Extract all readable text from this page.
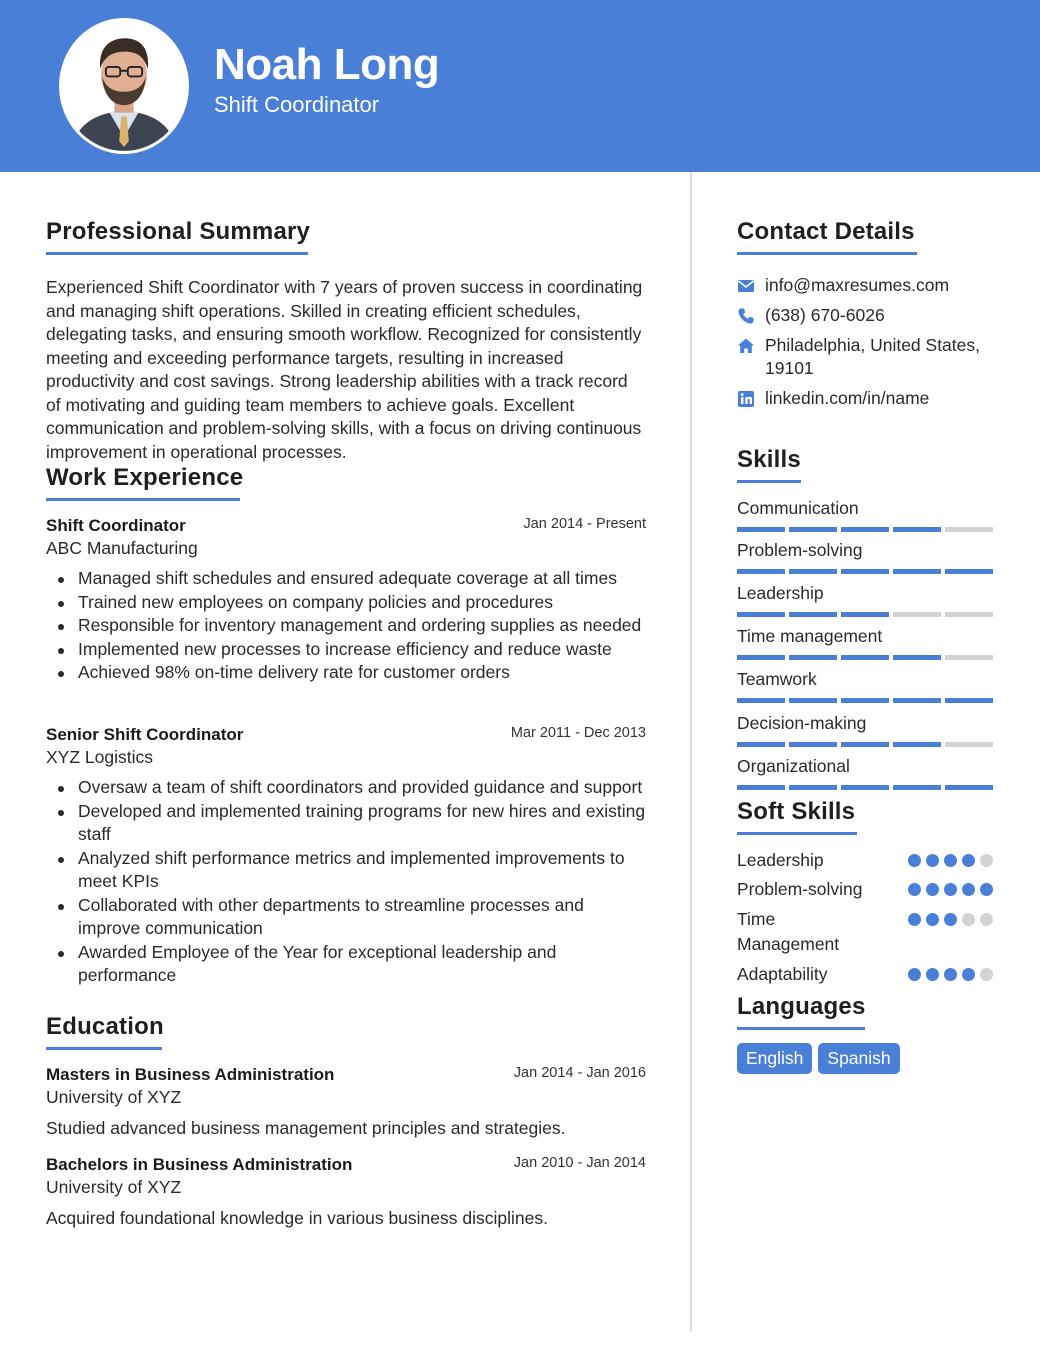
Noah Long
Shift Coordinator
Professional Summary
Experienced Shift Coordinator with 7 years of proven success in coordinating and managing shift operations. Skilled in creating efficient schedules, delegating tasks, and ensuring smooth workflow. Recognized for consistently meeting and exceeding performance targets, resulting in increased productivity and cost savings. Strong leadership abilities with a track record of motivating and guiding team members to achieve goals. Excellent communication and problem-solving skills, with a focus on driving continuous improvement in operational processes.
Work Experience
Shift Coordinator	Jan 2014 - Present
ABC Manufacturing
Managed shift schedules and ensured adequate coverage at all times
Trained new employees on company policies and procedures
Responsible for inventory management and ordering supplies as needed
Implemented new processes to increase efficiency and reduce waste
Achieved 98% on-time delivery rate for customer orders
Senior Shift Coordinator	Mar 2011 - Dec 2013
XYZ Logistics
Oversaw a team of shift coordinators and provided guidance and support
Developed and implemented training programs for new hires and existing staff
Analyzed shift performance metrics and implemented improvements to meet KPIs
Collaborated with other departments to streamline processes and improve communication
Awarded Employee of the Year for exceptional leadership and performance
Education
Masters in Business Administration	Jan 2014 - Jan 2016
University of XYZ
Studied advanced business management principles and strategies.
Bachelors in Business Administration	Jan 2010 - Jan 2014
University of XYZ
Acquired foundational knowledge in various business disciplines.
Contact Details
info@maxresumes.com
(638) 670-6026
Philadelphia, United States, 19101
linkedin.com/in/name
Skills
Communication
Problem-solving
Leadership
Time management
Teamwork
Decision-making
Organizational
Soft Skills
Leadership
Problem-solving
Time Management
Adaptability
Languages
English	Spanish
